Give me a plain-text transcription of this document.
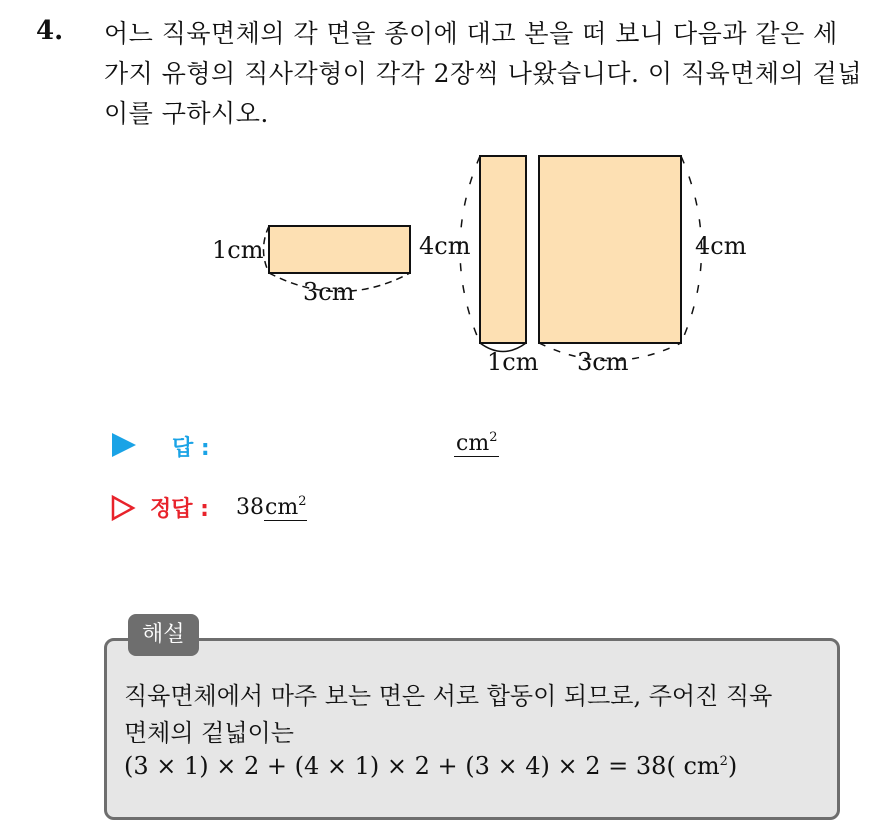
4. 어느 직육면체의 각 면을 종이에 대고 본을 떠 보니 다음과 같은 세
가지 유형의 직사각형이 각각 2장씩 나왔습니다. 이 직육면체의 겉넓
이를 구하시오.
1cm
3cm
4cm
1cm
4cm
3cm
답 :	$cm^2$
정답 : $38cm^2$
해설
직육면체에서 마주 보는 면은 서로 합동이 되므로, 주어진 직육
면체의 겉넓이는
(3 × 1) × 2 + (4 × 1) × 2 + (3 × 4) × 2 = 38( $cm^2$)
